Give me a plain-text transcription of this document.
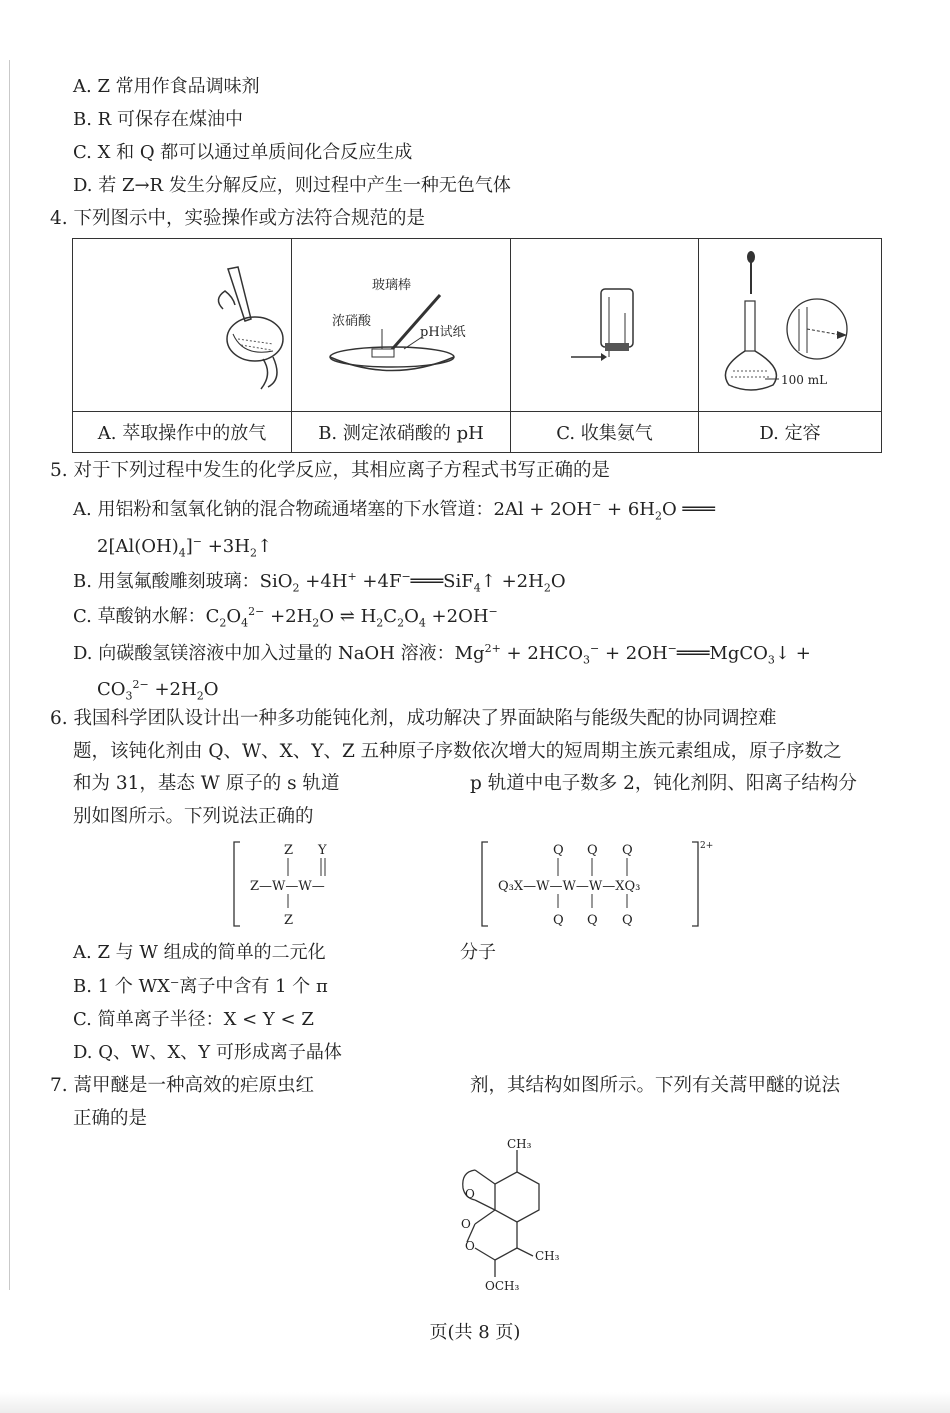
A. Z 常用作食品调味剂
B. R 可保存在煤油中
C. X 和 Q 都可以通过单质间化合反应生成
D. 若 Z→R 发生分解反应，则过程中产生一种无色气体
4. 下列图示中，实验操作或方法符合规范的是

玻璃棒
浓硝酸
pH试纸		100 mL

A. 萃取操作中的放气	B. 测定浓硝酸的 pH	C. 收集氨气	D. 定容
5. 对于下列过程中发生的化学反应，其相应离子方程式书写正确的是
A. 用铝粉和氢氧化钠的混合物疏通堵塞的下水管道：$2Al + 2OH^- + 6H_2O$ ═══
$2[Al(OH)_4]^-$ $+3H_2↑$
B. 用氢氟酸雕刻玻璃：SiO$_2$ +4H+ +4F−═══SiF$_4$↑ $+2H_2O$
C. 草酸钠水解：$C_2O_4^{2-} +2H_2O$ ⇌ $H_2C_2O_4 +2OH^-$
D. 向碳酸氢镁溶液中加入过量的 NaOH 溶液：$Mg^{2+} + 2HCO_3^-$ + 2OH−═══MgCO$_3$↓ +
$CO_3^{2-} +2H_2O$
6. 我国科学团队设计出一种多功能钝化剂，成功解决了界面缺陷与能级失配的协同调控难
题，该钝化剂由 Q、W、X、Y、Z 五种原子序数依次增大的短周期主族元素组成，原子序数之
和为 31，基态 W 原子的 s 轨道	p 轨道中电子数多 2，钝化剂阴、阳离子结构分
别如图所示。下列说法正确的
Z Y
Z—W—W—
Z
Q Q Q
Q₃X—W—W—W—XQ₃
Q Q Q
2+
A. Z 与 W 组成的简单的二元化	分子
B. 1 个 WX⁻离子中含有 1 个 π
C. 简单离子半径：X < Y < Z
D. Q、W、X、Y 可形成离子晶体
7. 蒿甲醚是一种高效的疟原虫红	剂，其结构如图所示。下列有关蒿甲醚的说法
正确的是
O
O
O
CH₃
CH₃
OCH₃
页(共 8 页)
